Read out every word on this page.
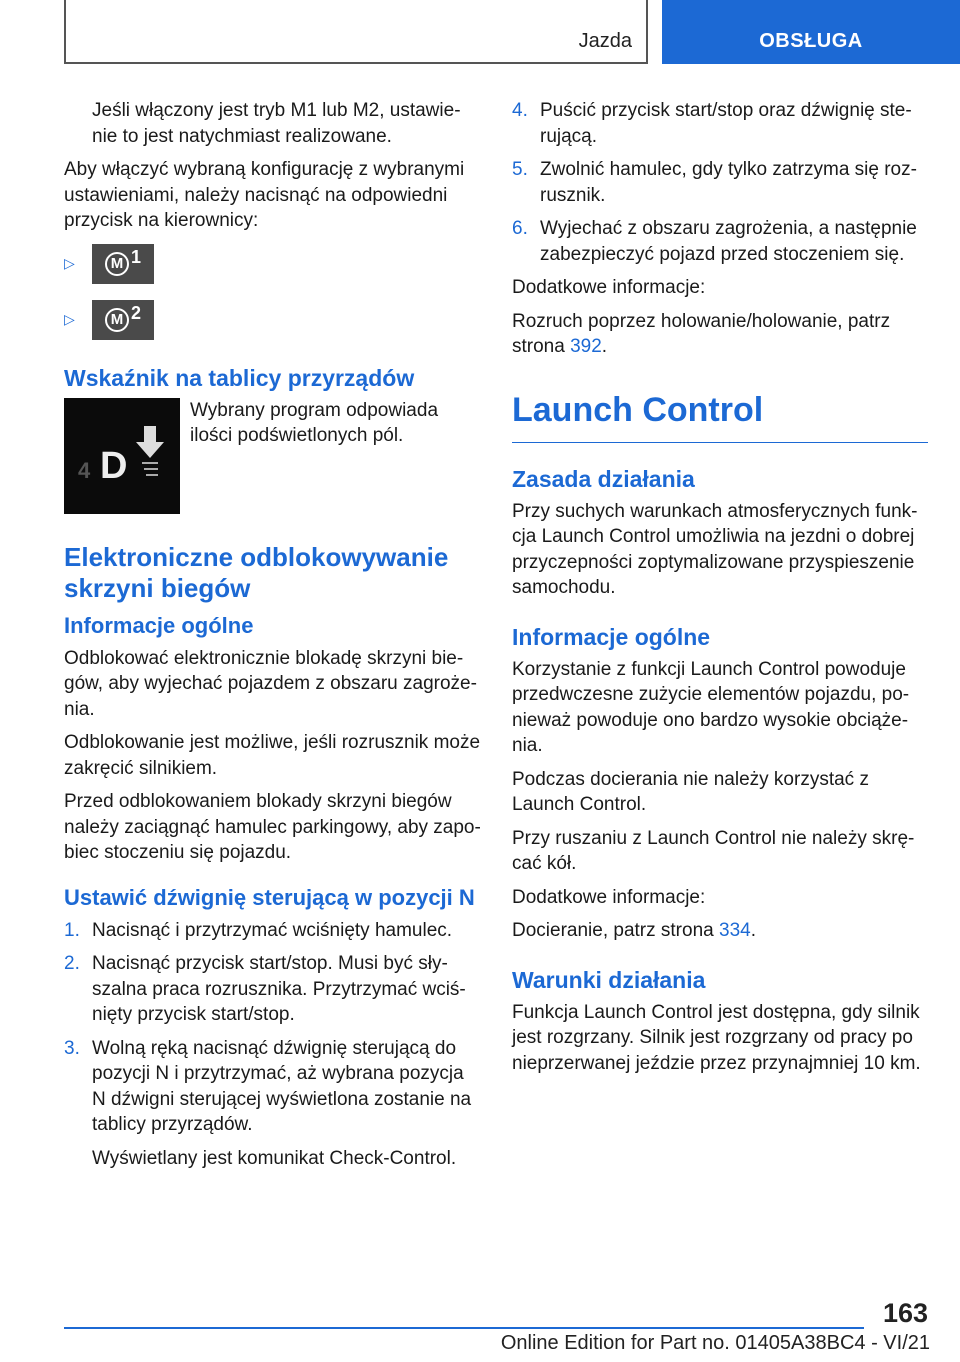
Jazda	OBSŁUGA

Jeśli włączony jest tryb M1 lub M2, ustawie-
nie to jest natychmiast realizowane.

Aby włączyć wybraną konfigurację z wybranymi ustawieniami, należy nacisnąć na odpowiedni przycisk na kierownicy:

▷	M 1
▷	M 2
Wskaźnik na tablicy przyrządów
4 D

Wybrany program odpowiada ilości podświetlonych pól.

Elektroniczne odblokowywanie skrzyni biegów
Informacje ogólne

Odblokować elektronicznie blokadę skrzyni bie-gów, aby wyjechać pojazdem z obszaru zagroże-nia.

Odblokowanie jest możliwe, jeśli rozrusznik może zakręcić silnikiem.

Przed odblokowaniem blokady skrzyni biegów należy zaciągnąć hamulec parkingowy, aby zapo-biec stoczeniu się pojazdu.

Ustawić dźwignię sterującą w pozycji N
1. Nacisnąć i przytrzymać wciśnięty hamulec.
2. Nacisnąć przycisk start/stop. Musi być sły-szalna praca rozrusznika. Przytrzymać wciś-nięty przycisk start/stop.
3. Wolną ręką nacisnąć dźwignię sterującą do pozycji N i przytrzymać, aż wybrana pozycja N dźwigni sterującej wyświetlona zostanie na tablicy przyrządów.

Wyświetlany jest komunikat Check-Control.

4. Puścić przycisk start/stop oraz dźwignię ste-rującą.
5. Zwolnić hamulec, gdy tylko zatrzyma się roz-rusznik.
6. Wyjechać z obszaru zagrożenia, a następnie zabezpieczyć pojazd przed stoczeniem się.

Dodatkowe informacje:

Rozruch poprzez holowanie/holowanie, patrz strona 392.

Launch Control
Zasada działania

Przy suchych warunkach atmosferycznych funk-cja Launch Control umożliwia na jezdni o dobrej przyczepności zoptymalizowane przyspieszenie samochodu.

Informacje ogólne

Korzystanie z funkcji Launch Control powoduje przedwczesne zużycie elementów pojazdu, po-nieważ powoduje ono bardzo wysokie obciąże-nia.

Podczas docierania nie należy korzystać z Launch Control.

Przy ruszaniu z Launch Control nie należy skrę-cać kół.

Dodatkowe informacje:

Docieranie, patrz strona 334.

Warunki działania

Funkcja Launch Control jest dostępna, gdy silnik jest rozgrzany. Silnik jest rozgrzany od pracy po nieprzerwanej jeździe przez przynajmniej 10 km.

163
Online Edition for Part no. 01405A38BC4 - VI/21
